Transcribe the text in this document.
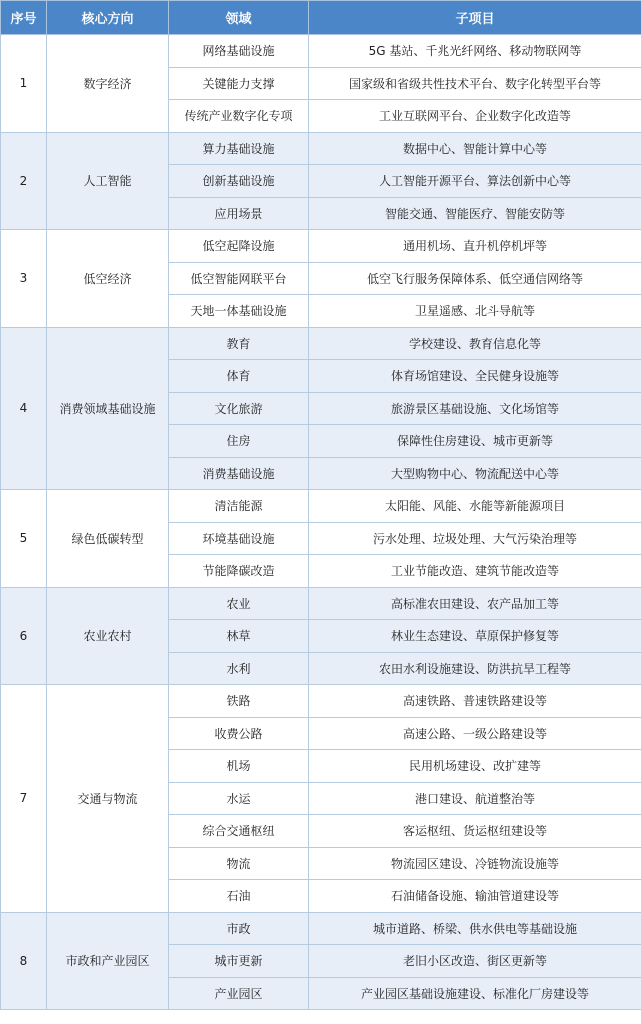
序号	核心方向	领域	子项目
1	数字经济	网络基础设施	5G 基站、千兆光纤网络、移动物联网等
		关键能力支撑	国家级和省级共性技术平台、数字化转型平台等
		传统产业数字化专项	工业互联网平台、企业数字化改造等
2	人工智能	算力基础设施	数据中心、智能计算中心等
		创新基础设施	人工智能开源平台、算法创新中心等
		应用场景	智能交通、智能医疗、智能安防等
3	低空经济	低空起降设施	通用机场、直升机停机坪等
		低空智能网联平台	低空飞行服务保障体系、低空通信网络等
		天地一体基础设施	卫星遥感、北斗导航等
4	消费领域基础设施	教育	学校建设、教育信息化等
		体育	体育场馆建设、全民健身设施等
		文化旅游	旅游景区基础设施、文化场馆等
		住房	保障性住房建设、城市更新等
		消费基础设施	大型购物中心、物流配送中心等
5	绿色低碳转型	清洁能源	太阳能、风能、水能等新能源项目
		环境基础设施	污水处理、垃圾处理、大气污染治理等
		节能降碳改造	工业节能改造、建筑节能改造等
6	农业农村	农业	高标准农田建设、农产品加工等
		林草	林业生态建设、草原保护修复等
		水利	农田水利设施建设、防洪抗旱工程等
7	交通与物流	铁路	高速铁路、普速铁路建设等
		收费公路	高速公路、一级公路建设等
		机场	民用机场建设、改扩建等
		水运	港口建设、航道整治等
		综合交通枢纽	客运枢纽、货运枢纽建设等
		物流	物流园区建设、冷链物流设施等
		石油	石油储备设施、输油管道建设等
8	市政和产业园区	市政	城市道路、桥梁、供水供电等基础设施
		城市更新	老旧小区改造、街区更新等
		产业园区	产业园区基础设施建设、标准化厂房建设等
